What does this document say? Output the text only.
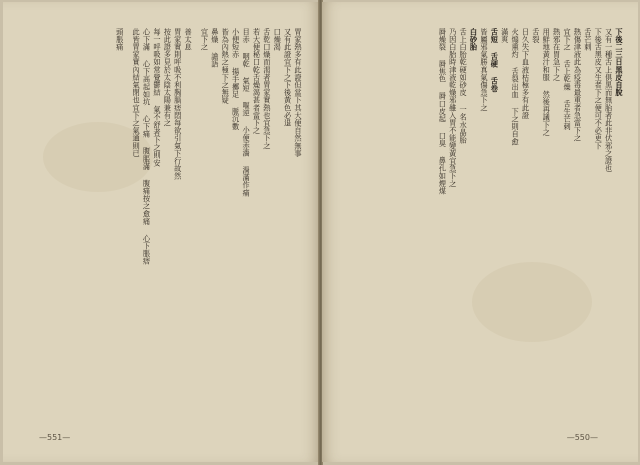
胃家熱多有此證但當下其大便自然無事
又有此證宜下之下後黃色必退
口燥渴
舌乾口燥而渴者胃家實熱也宜急下之
若大便秘口乾舌燥渴甚者當下之
目赤 咽乾 氣短 嘔逆 小便赤濇 渦滿作痛
小便短赤 揚手擲足 脈沉數
皆為內熱之極下之無疑
鼻燥 譫語
宜下之
善太息
胃家實則呼吸不利胸膈痞悶每欲引氣下行故然
按此證多見於太陰太陽兼有之
每一呼吸如常覺鬱結 氣不舒者下之則安
心下滿 心下高起如坑 心下痛 腹脹滿 腹痛按之愈痛 心下脹痞
此皆胃家實內結氣閉也宜下之氣通則已
頭脹痛
—551—
下後二三日黑皮自脫
又有一種舌上俱黑而無胎者此非伏邪之證也
下後舌黑皮又生者下之便可不必更下
舌芒刺
熱傷津液此為疫毒最重者急當下之
宜下之 舌上乾燥 舌生芒刺
熱邪在胃急下之
用鮮地黃汁和服 然後再議下之
舌裂
日久失下血液枯極多有此證
火煽熏灼 舌裂出血 下之則自愈
滿爽
舌短 舌硬 舌卷
皆屬邪氣勝真氣傷急下之
白砂胎
舌上白胎乾硬如砂皮 一名水晶胎
乃因白胎時津液乾燥邪雖入胃不能變黃宜急下之
脣燥裂 脣焦色 脣口皮起 口臭 鼻孔如煙煤
—550—
